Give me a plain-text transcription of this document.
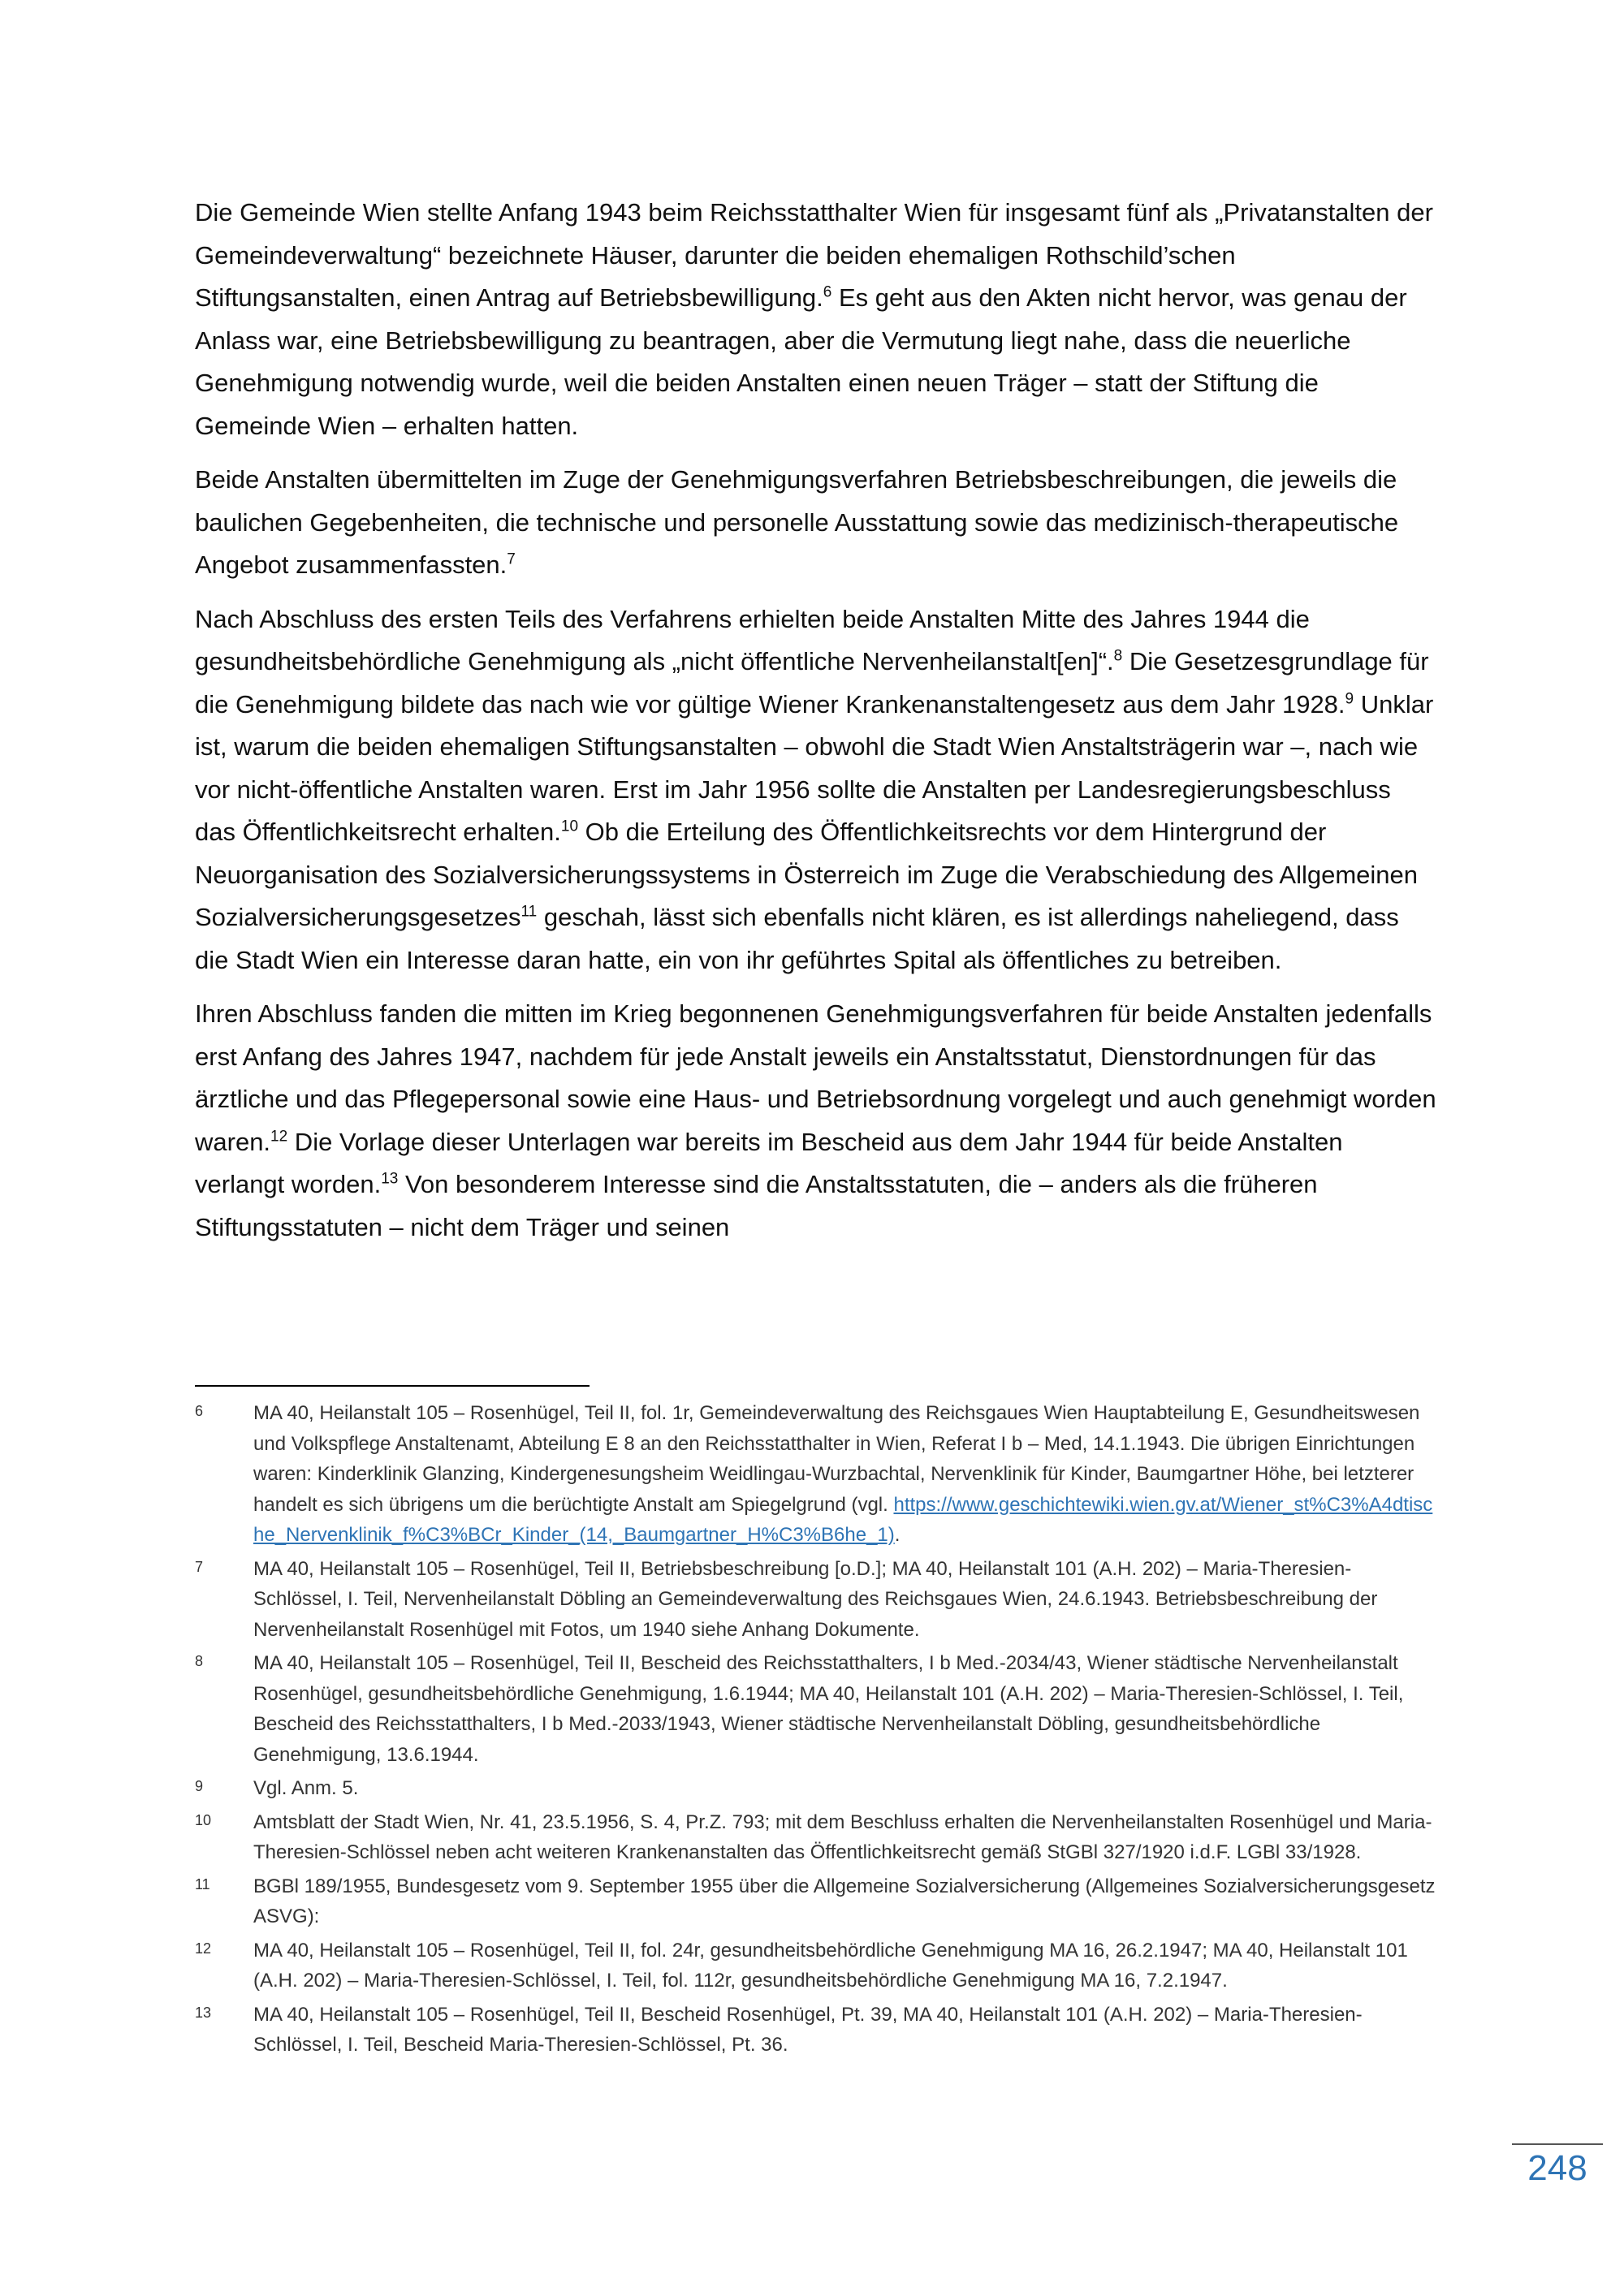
Die Gemeinde Wien stellte Anfang 1943 beim Reichsstatthalter Wien für insgesamt fünf als „Privatanstalten der Gemeindeverwaltung“ bezeichnete Häuser, darunter die beiden ehemaligen Rothschild’schen Stiftungsanstalten, einen Antrag auf Betriebsbewilligung.$^6$ Es geht aus den Akten nicht hervor, was genau der Anlass war, eine Betriebsbewilligung zu beantragen, aber die Vermutung liegt nahe, dass die neuerliche Genehmigung notwendig wurde, weil die beiden Anstalten einen neuen Träger – statt der Stiftung die Gemeinde Wien – erhalten hatten.

Beide Anstalten übermittelten im Zuge der Genehmigungsverfahren Betriebsbeschreibungen, die jeweils die baulichen Gegebenheiten, die technische und personelle Ausstattung sowie das medizinisch-therapeutische Angebot zusammenfassten.$^7$

Nach Abschluss des ersten Teils des Verfahrens erhielten beide Anstalten Mitte des Jahres 1944 die gesundheitsbehördliche Genehmigung als „nicht öffentliche Nervenheilanstalt[en]“.$^8$ Die Gesetzesgrundlage für die Genehmigung bildete das nach wie vor gültige Wiener Krankenanstaltengesetz aus dem Jahr 1928.$^9$ Unklar ist, warum die beiden ehemaligen Stiftungsanstalten – obwohl die Stadt Wien Anstaltsträgerin war –, nach wie vor nicht-öffentliche Anstalten waren. Erst im Jahr 1956 sollte die Anstalten per Landesregierungsbeschluss das Öffentlichkeitsrecht erhalten.$^{10}$ Ob die Erteilung des Öffentlichkeitsrechts vor dem Hintergrund der Neuorganisation des Sozialversicherungssystems in Österreich im Zuge die Verabschiedung des Allgemeinen Sozialversicherungsgesetzes$^{11}$ geschah, lässt sich ebenfalls nicht klären, es ist allerdings naheliegend, dass die Stadt Wien ein Interesse daran hatte, ein von ihr geführtes Spital als öffentliches zu betreiben.

Ihren Abschluss fanden die mitten im Krieg begonnenen Genehmigungsverfahren für beide Anstalten jedenfalls erst Anfang des Jahres 1947, nachdem für jede Anstalt jeweils ein Anstaltsstatut, Dienstordnungen für das ärztliche und das Pflegepersonal sowie eine Haus- und Betriebsordnung vorgelegt und auch genehmigt worden waren.$^{12}$ Die Vorlage dieser Unterlagen war bereits im Bescheid aus dem Jahr 1944 für beide Anstalten verlangt worden.$^{13}$ Von besonderem Interesse sind die Anstaltsstatuten, die – anders als die früheren Stiftungsstatuten – nicht dem Träger und seinen

6	MA 40, Heilanstalt 105 – Rosenhügel, Teil II, fol. 1r, Gemeindeverwaltung des Reichsgaues Wien Hauptabteilung E, Gesundheitswesen und Volkspflege Anstaltenamt, Abteilung E 8 an den Reichsstatthalter in Wien, Referat I b – Med, 14.1.1943. Die übrigen Einrichtungen waren: Kinderklinik Glanzing, Kindergenesungsheim Weidlingau-Wurzbachtal, Nervenklinik für Kinder, Baumgartner Höhe, bei letzterer handelt es sich übrigens um die berüchtigte Anstalt am Spiegelgrund (vgl. https://www.geschichtewiki.wien.gv.at/Wiener_st%C3%A4dtische_Nervenklinik_f%C3%BCr_Kinder_(14,_Baumgartner_H%C3%B6he_1).
7	MA 40, Heilanstalt 105 – Rosenhügel, Teil II, Betriebsbeschreibung [o.D.]; MA 40, Heilanstalt 101 (A.H. 202) – Maria-Theresien-Schlössel, I. Teil, Nervenheilanstalt Döbling an Gemeindeverwaltung des Reichsgaues Wien, 24.6.1943. Betriebsbeschreibung der Nervenheilanstalt Rosenhügel mit Fotos, um 1940 siehe Anhang Dokumente.
8	MA 40, Heilanstalt 105 – Rosenhügel, Teil II, Bescheid des Reichsstatthalters, I b Med.-2034/43, Wiener städtische Nervenheilanstalt Rosenhügel, gesundheitsbehördliche Genehmigung, 1.6.1944; MA 40, Heilanstalt 101 (A.H. 202) – Maria-Theresien-Schlössel, I. Teil, Bescheid des Reichsstatthalters, I b Med.-2033/1943, Wiener städtische Nervenheilanstalt Döbling, gesundheitsbehördliche Genehmigung, 13.6.1944.
9	Vgl. Anm. 5.
10	Amtsblatt der Stadt Wien, Nr. 41, 23.5.1956, S. 4, Pr.Z. 793; mit dem Beschluss erhalten die Nervenheilanstalten Rosenhügel und Maria-Theresien-Schlössel neben acht weiteren Krankenanstalten das Öffentlichkeitsrecht gemäß StGBl 327/1920 i.d.F. LGBl 33/1928.
11	BGBl 189/1955, Bundesgesetz vom 9. September 1955 über die Allgemeine Sozialversicherung (Allgemeines Sozialversicherungsgesetz ASVG):
12	MA 40, Heilanstalt 105 – Rosenhügel, Teil II, fol. 24r, gesundheitsbehördliche Genehmigung MA 16, 26.2.1947; MA 40, Heilanstalt 101 (A.H. 202) – Maria-Theresien-Schlössel, I. Teil, fol. 112r, gesundheitsbehördliche Genehmigung MA 16, 7.2.1947.
13	MA 40, Heilanstalt 105 – Rosenhügel, Teil II, Bescheid Rosenhügel, Pt. 39, MA 40, Heilanstalt 101 (A.H. 202) – Maria-Theresien-Schlössel, I. Teil, Bescheid Maria-Theresien-Schlössel, Pt. 36.
248
